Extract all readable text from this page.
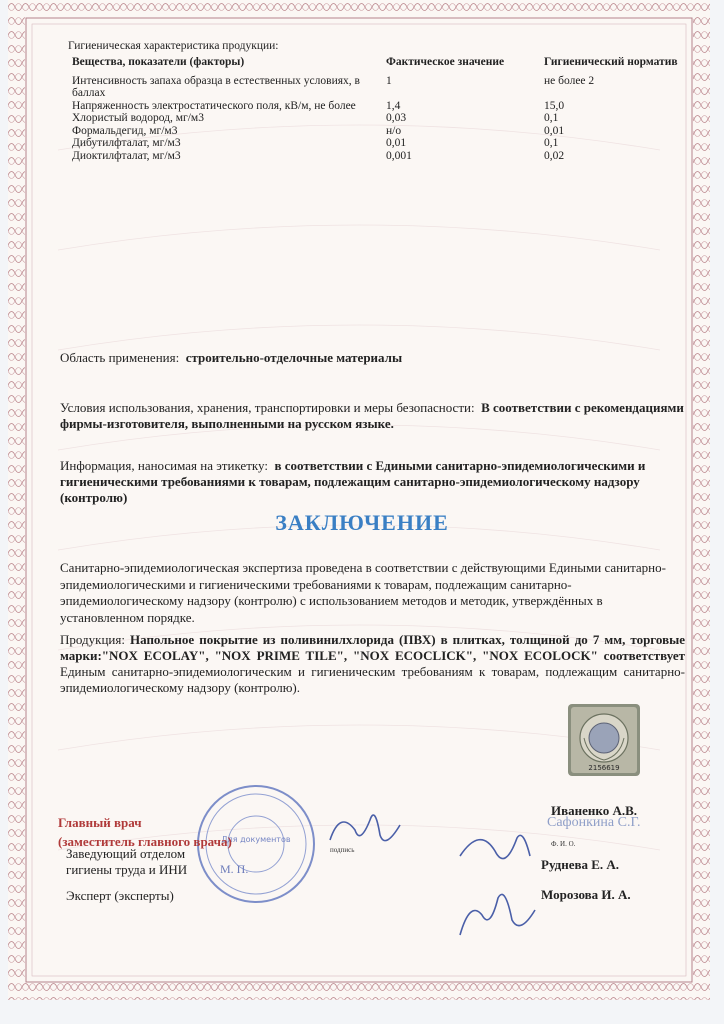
Гигиеническая характеристика продукции:
Вещества, показатели (факторы)	Фактическое значение	Гигиенический норматив
Интенсивность запаха образца в естественных условиях, в баллах	1	не более 2
Напряженность электростатического поля, кВ/м, не более	1,4	15,0
Хлористый водород, мг/м3	0,03	0,1
Формальдегид, мг/м3	н/о	0,01
Дибутилфталат, мг/м3	0,01	0,1
Диоктилфталат, мг/м3	0,001	0,02
Область применения: строительно-отделочные материалы
Условия использования, хранения, транспортировки и меры безопасности: В соответствии с рекомендациями фирмы-изготовителя, выполненными на русском языке.
Информация, наносимая на этикетку: в соответствии с Едиными санитарно-эпидемиологическими и гигиеническими требованиями к товарам, подлежащим санитарно-эпидемиологическому надзору (контролю)
ЗАКЛЮЧЕНИЕ
Санитарно-эпидемиологическая экспертиза проведена в соответствии с действующими Едиными санитарно-эпидемиологическими и гигиеническими требованиями к товарам, подлежащим санитарно-эпидемиологическому надзору (контролю) с использованием методов и методик, утверждённых в установленном порядке.
Продукция: Напольное покрытие из поливинилхлорида (ПВХ) в плитках, толщиной до 7 мм, торговые марки:"NOX ECOLAY", "NOX PRIME TILE", "NOX ECOCLICK", "NOX ECOLOCK" соответствует Единым санитарно-эпидемиологическим и гигиеническим требованиям к товарам, подлежащим санитарно-эпидемиологическому надзору (контролю).
2156619
Для документов
Главный врач
(заместитель главного врача)
Заведующий отделом
гигиены труда и ИНИ
Эксперт (эксперты)
М. П.
подпись
Иваненко А.В.
Сафонкина С.Г.
Ф. И. О.
Руднева Е. А.
Морозова И. А.
